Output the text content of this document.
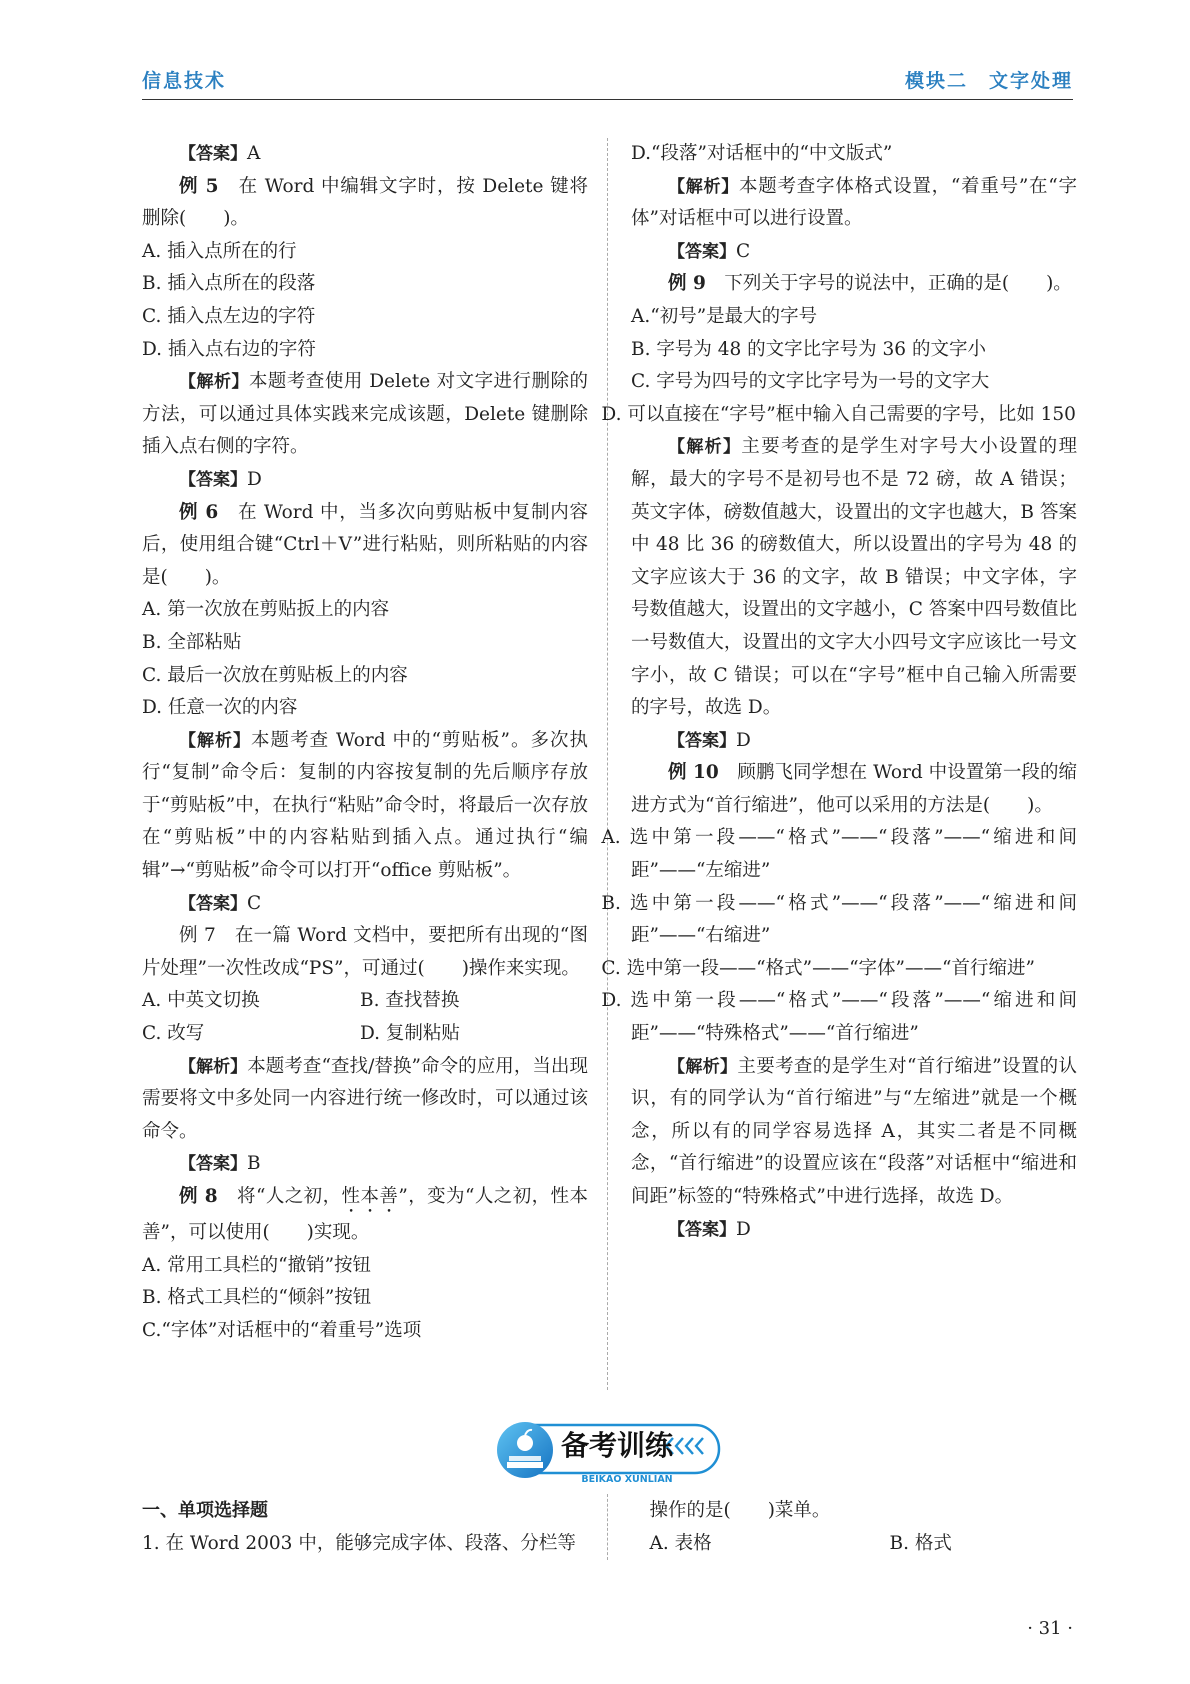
信息技术	模块二　文字处理

【答案】A

例 5　 在 Word 中编辑文字时，按 Delete 键将删除(　　)。

A. 插入点所在的行

B. 插入点所在的段落

C. 插入点左边的字符

D. 插入点右边的字符

【解析】本题考查使用 Delete 对文字进行删除的方法，可以通过具体实践来完成该题，Delete 键删除插入点右侧的字符。

【答案】D

例 6　 在 Word 中，当多次向剪贴板中复制内容后，使用组合键“Ctrl＋V”进行粘贴，则所粘贴的内容是(　　)。

A. 第一次放在剪贴扳上的内容

B. 全部粘贴

C. 最后一次放在剪贴板上的内容

D. 任意一次的内容

【解析】本题考查 Word 中的“剪贴板”。多次执行“复制”命令后：复制的内容按复制的先后顺序存放于“剪贴板”中，在执行“粘贴”命令时，将最后一次存放在“剪贴板”中的内容粘贴到插入点。通过执行“编辑”→“剪贴板”命令可以打开“office 剪贴板”。

【答案】C

例 7　 在一篇 Word 文档中，要把所有出现的“图片处理”一次性改成“PS”，可通过(　　)操作来实现。

A. 中英文切换	B. 查找替换

C. 改写	D. 复制粘贴

【解析】本题考查“查找/替换”命令的应用，当出现需要将文中多处同一内容进行统一修改时，可以通过该命令。

【答案】B

例 8　 将“人之初，性本善”，变为“人之初，性本善”，可以使用(　　)实现。

A. 常用工具栏的“撤销”按钮

B. 格式工具栏的“倾斜”按钮

C.“字体”对话框中的“着重号”选项

D.“段落”对话框中的“中文版式”

【解析】本题考查字体格式设置，“着重号”在“字体”对话框中可以进行设置。

【答案】C

例 9　 下列关于字号的说法中，正确的是(　　)。

A.“初号”是最大的字号

B. 字号为 48 的文字比字号为 36 的文字小

C. 字号为四号的文字比字号为一号的文字大

D. 可以直接在“字号”框中输入自己需要的字号，比如 150

【解析】主要考查的是学生对字号大小设置的理解，最大的字号不是初号也不是 72 磅，故 A 错误；英文字体，磅数值越大，设置出的文字也越大，B 答案中 48 比 36 的磅数值大，所以设置出的字号为 48 的文字应该大于 36 的文字，故 B 错误；中文字体，字号数值越大，设置出的文字越小，C 答案中四号数值比一号数值大，设置出的文字大小四号文字应该比一号文字小，故 C 错误；可以在“字号”框中自己输入所需要的字号，故选 D。

【答案】D

例 10　 顾鹏飞同学想在 Word 中设置第一段的缩进方式为“首行缩进”，他可以采用的方法是(　　)。

A. 选中第一段——“格式”——“段落”——“缩进和间距”——“左缩进”

B. 选中第一段——“格式”——“段落”——“缩进和间距”——“右缩进”

C. 选中第一段——“格式”——“字体”——“首行缩进”

D. 选中第一段——“格式”——“段落”——“缩进和间距”——“特殊格式”——“首行缩进”

【解析】主要考查的是学生对“首行缩进”设置的认识，有的同学认为“首行缩进”与“左缩进”就是一个概念，所以有的同学容易选择 A，其实二者是不同概念，“首行缩进”的设置应该在“段落”对话框中“缩进和间距”标签的“特殊格式”中进行选择，故选 D。

【答案】D

备考训练
BEIKAO XUNLIAN

一、单项选择题

1. 在 Word 2003 中，能够完成字体、段落、分栏等

操作的是(　　)菜单。

A. 表格	B. 格式

· 31 ·
